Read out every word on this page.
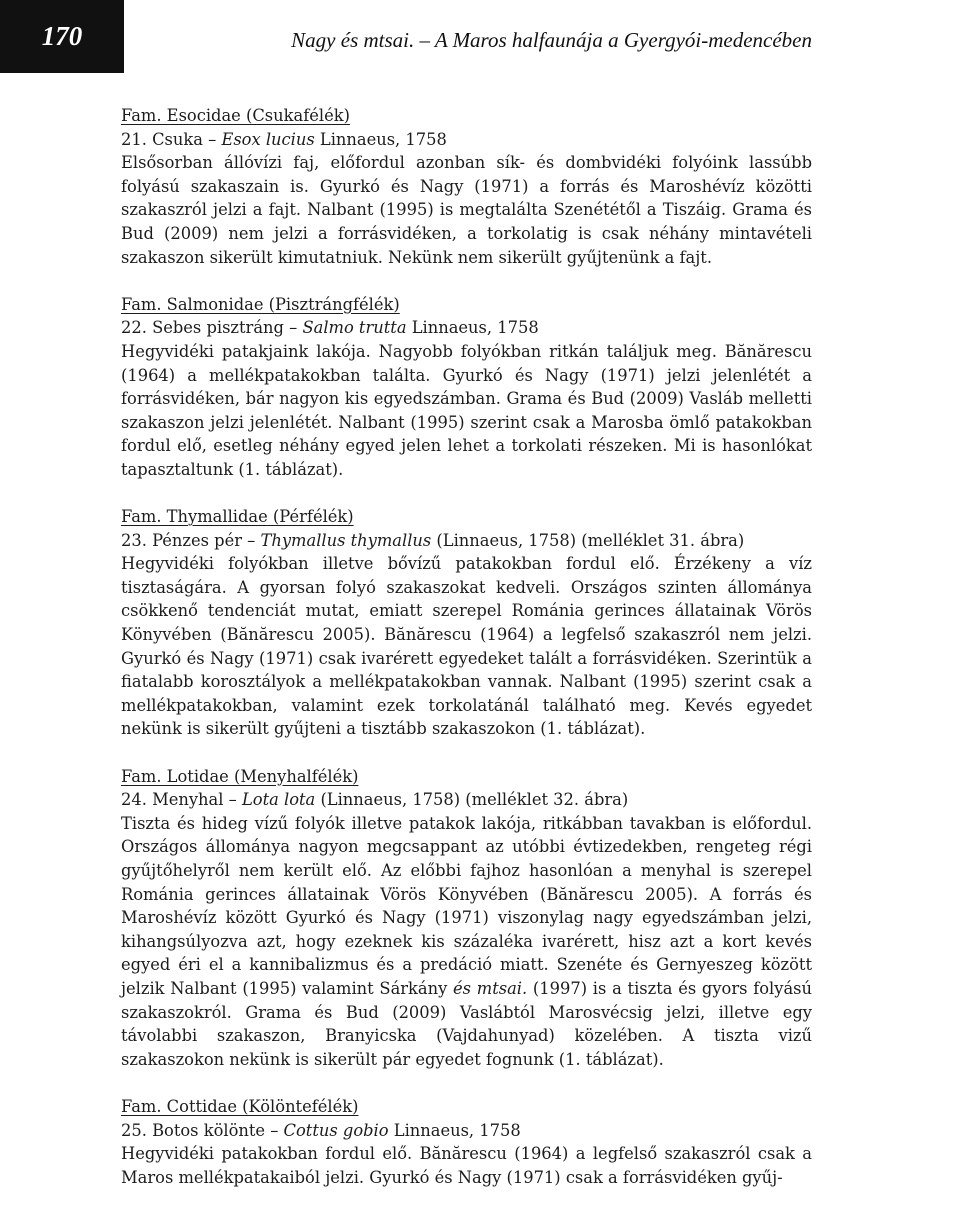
170	Nagy és mtsai. – A Maros halfaunája a Gyergyói-medencében
Fam. Esocidae (Csukafélék)
21. Csuka – Esox lucius Linnaeus, 1758

Elsősorban állóvízi faj, előfordul azonban sík- és dombvidéki folyóink lassúbb folyású szakaszain is. Gyurkó és Nagy (1971) a forrás és Maroshévíz közötti szakaszról jelzi a fajt. Nalbant (1995) is megtalálta Szenététől a Tiszáig. Grama és Bud (2009) nem jelzi a forrásvidéken, a torkolatig is csak néhány mintavételi szakaszon sikerült kimutatniuk. Nekünk nem sikerült gyűjtenünk a fajt.

Fam. Salmonidae (Pisztrángfélék)
22. Sebes pisztráng – Salmo trutta Linnaeus, 1758

Hegyvidéki patakjaink lakója. Nagyobb folyókban ritkán találjuk meg. Bănărescu (1964) a mellékpatakokban találta. Gyurkó és Nagy (1971) jelzi jelenlétét a forrásvidéken, bár nagyon kis egyedszámban. Grama és Bud (2009) Vasláb melletti szakaszon jelzi jelenlétét. Nalbant (1995) szerint csak a Marosba ömlő patakokban fordul elő, esetleg néhány egyed jelen lehet a torkolati részeken. Mi is hasonlókat tapasztaltunk (1. táblázat).

Fam. Thymallidae (Pérfélék)
23. Pénzes pér – Thymallus thymallus (Linnaeus, 1758) (melléklet 31. ábra)

Hegyvidéki folyókban illetve bővízű patakokban fordul elő. Érzékeny a víz tisztaságára. A gyorsan folyó szakaszokat kedveli. Országos szinten állománya csökkenő tendenciát mutat, emiatt szerepel Románia gerinces állatainak Vörös Könyvében (Bănărescu 2005). Bănărescu (1964) a legfelső szakaszról nem jelzi. Gyurkó és Nagy (1971) csak ivarérett egyedeket talált a forrásvidéken. Szerintük a fiatalabb korosztályok a mellékpatakokban vannak. Nalbant (1995) szerint csak a mellékpatakokban, valamint ezek torkolatánál található meg. Kevés egyedet nekünk is sikerült gyűjteni a tisztább szakaszokon (1. táblázat).

Fam. Lotidae (Menyhalfélék)
24. Menyhal – Lota lota (Linnaeus, 1758) (melléklet 32. ábra)

Tiszta és hideg vízű folyók illetve patakok lakója, ritkábban tavakban is előfordul. Országos állománya nagyon megcsappant az utóbbi évtizedekben, rengeteg régi gyűjtőhelyről nem került elő. Az előbbi fajhoz hasonlóan a menyhal is szerepel Románia gerinces állatainak Vörös Könyvében (Bănărescu 2005). A forrás és Maroshévíz között Gyurkó és Nagy (1971) viszonylag nagy egyedszámban jelzi, kihangsúlyozva azt, hogy ezeknek kis százaléka ivarérett, hisz azt a kort kevés egyed éri el a kannibalizmus és a predáció miatt. Szenéte és Gernyeszeg között jelzik Nalbant (1995) valamint Sárkány és mtsai. (1997) is a tiszta és gyors folyású szakaszokról. Grama és Bud (2009) Vaslábtól Marosvécsig jelzi, illetve egy távolabbi szakaszon, Branyicska (Vajdahunyad) közelében. A tiszta vizű szakaszokon nekünk is sikerült pár egyedet fognunk (1. táblázat).

Fam. Cottidae (Kölöntefélék)
25. Botos kölönte – Cottus gobio Linnaeus, 1758

Hegyvidéki patakokban fordul elő. Bănărescu (1964) a legfelső szakaszról csak a Maros mellékpatakaiból jelzi. Gyurkó és Nagy (1971) csak a forrásvidéken gyűj-
